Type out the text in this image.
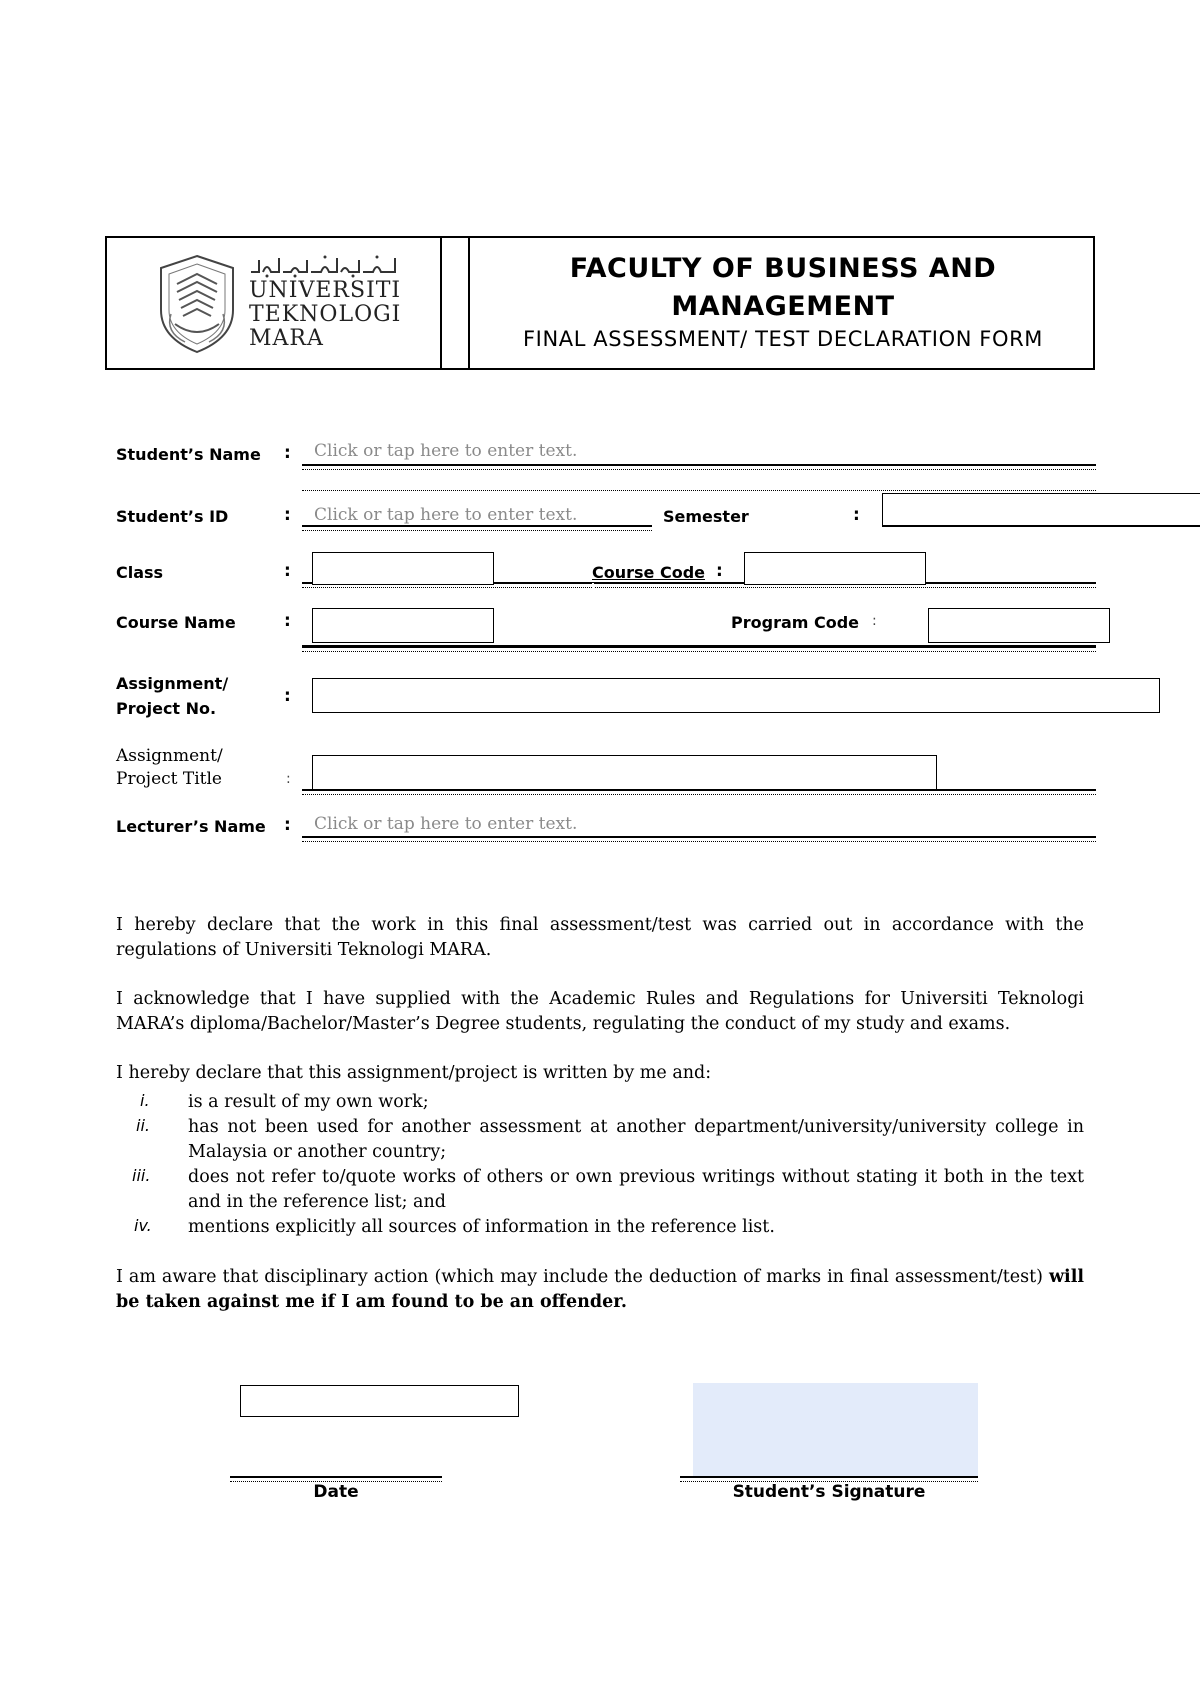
UNIVERSITI
TEKNOLOGI
MARA
FACULTY OF BUSINESS AND
MANAGEMENT
FINAL ASSESSMENT/ TEST DECLARATION FORM
Student’s Name : Click or tap here to enter text.
Student’s ID	: Click or tap here to enter text.	Semester	:
Class	:	Course Code :
Course Name	:	Program Code :
Assignment/
Project No.
:
Assignment/
Project Title	:
Lecturer’s Name : Click or tap here to enter text.
I hereby declare that the work in this final assessment/test was carried out in accordance with the regulations of Universiti Teknologi MARA.
I acknowledge that I have supplied with the Academic Rules and Regulations for Universiti Teknologi MARA’s diploma/Bachelor/Master’s Degree students, regulating the conduct of my study and exams.
I hereby declare that this assignment/project is written by me and:
i. is a result of my own work;
ii. has not been used for another assessment at another department/university/university college in Malaysia or another country;
iii. does not refer to/quote works of others or own previous writings without stating it both in the text and in the reference list; and
iv. mentions explicitly all sources of information in the reference list.
I am aware that disciplinary action (which may include the deduction of marks in final assessment/test) will be taken against me if I am found to be an offender.
Date	Student’s Signature
